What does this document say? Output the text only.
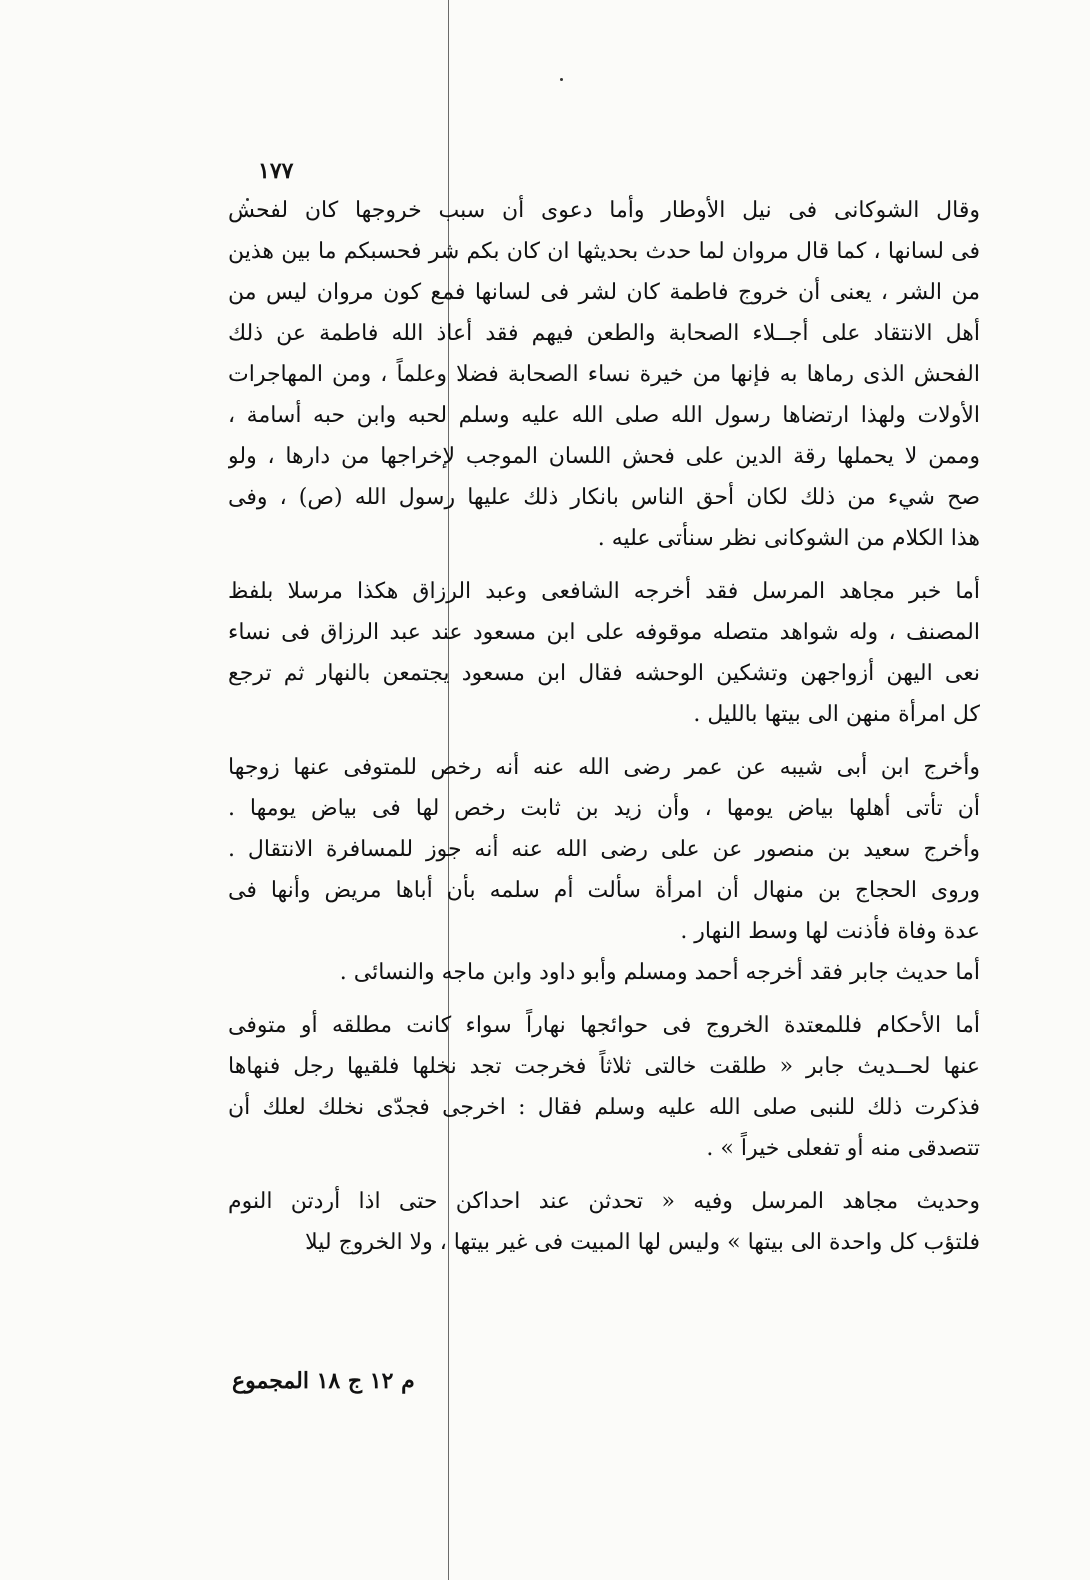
١٧٧
وقال الشوكانى فى نيل الأوطار وأما دعوى أن سبب خروجها كان لفحش
فى لسانها ، كما قال مروان لما حدث بحديثها ان كان بكم شر فحسبكم ما بين هذين
من الشر ، يعنى أن خروج فاطمة كان لشر فى لسانها فمع كون مروان ليس من
أهل الانتقاد على أجــلاء الصحابة والطعن فيهم فقد أعاذ الله فاطمة عن ذلك
الفحش الذى رماها به فإنها من خيرة نساء الصحابة فضلا وعلماً ، ومن المهاجرات
الأولات ولهذا ارتضاها رسول الله صلى الله عليه وسلم لحبه وابن حبه أسامة ،
وممن لا يحملها رقة الدين على فحش اللسان الموجب لإخراجها من دارها ، ولو
صح شيء من ذلك لكان أحق الناس بانكار ذلك عليها رسول الله (ص) ، وفى
هذا الكلام من الشوكانى نظر سنأتى عليه .
أما خبر مجاهد المرسل فقد أخرجه الشافعى وعبد الرزاق هكذا مرسلا بلفظ
المصنف ، وله شواهد متصله موقوفه على ابن مسعود عند عبد الرزاق فى نساء
نعى اليهن أزواجهن وتشكين الوحشه فقال ابن مسعود يجتمعن بالنهار ثم ترجع
كل امرأة منهن الى بيتها بالليل .
وأخرج ابن أبى شيبه عن عمر رضى الله عنه أنه رخص للمتوفى عنها زوجها
أن تأتى أهلها بياض يومها ، وأن زيد بن ثابت رخص لها فى بياض يومها .
وأخرج سعيد بن منصور عن على رضى الله عنه أنه جوز للمسافرة الانتقال .
وروى الحجاج بن منهال أن امرأة سألت أم سلمه بأن أباها مريض وأنها فى
عدة وفاة فأذنت لها وسط النهار .
أما حديث جابر فقد أخرجه أحمد ومسلم وأبو داود وابن ماجه والنسائى .
أما الأحكام فللمعتدة الخروج فى حوائجها نهاراً سواء كانت مطلقه أو متوفى
عنها لحــديث جابر « طلقت خالتى ثلاثاً فخرجت تجد نخلها فلقيها رجل فنهاها
فذكرت ذلك للنبى صلى الله عليه وسلم فقال : اخرجى فجدّى نخلك لعلك أن
تتصدقى منه أو تفعلى خيراً » .
وحديث مجاهد المرسل وفيه « تحدثن عند احداكن حتى اذا أردتن النوم
فلتؤب كل واحدة الى بيتها » وليس لها المبيت فى غير بيتها ، ولا الخروج ليلا
م ١٢ ج ١٨ المجموع
